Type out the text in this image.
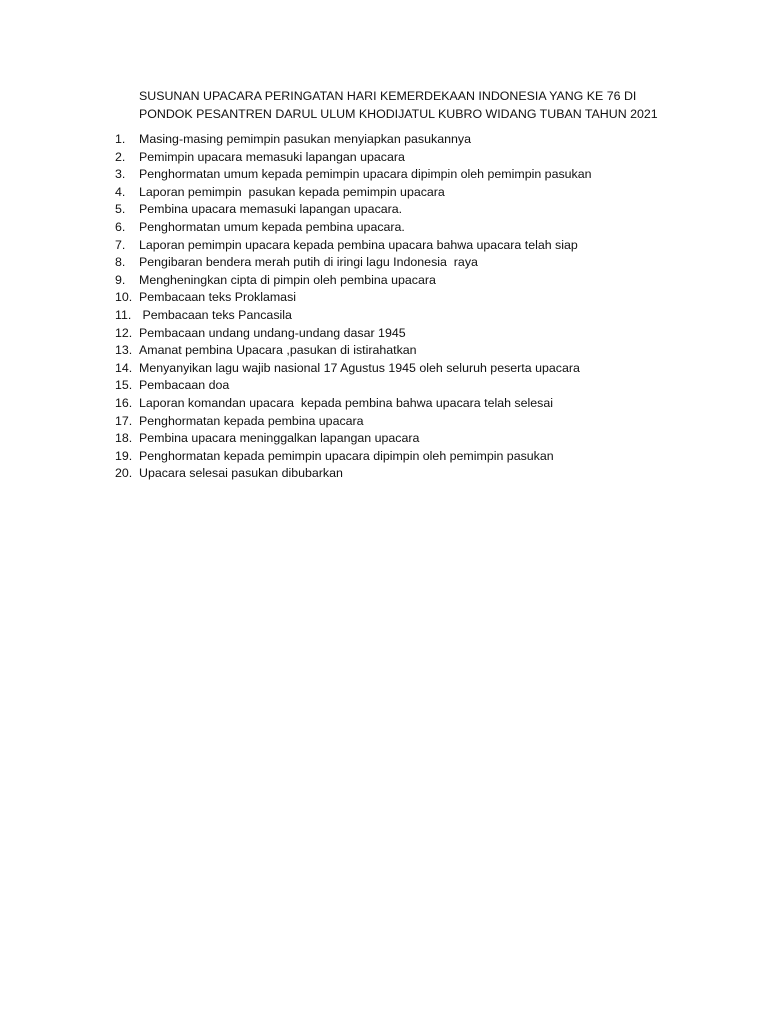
SUSUNAN UPACARA PERINGATAN HARI KEMERDEKAAN INDONESIA YANG KE 76 DI
PONDOK PESANTREN DARUL ULUM KHODIJATUL KUBRO WIDANG TUBAN TAHUN 2021
1.	Masing-masing pemimpin pasukan menyiapkan pasukannya
2.	Pemimpin upacara memasuki lapangan upacara
3.	Penghormatan umum kepada pemimpin upacara dipimpin oleh pemimpin pasukan
4.	Laporan pemimpin  pasukan kepada pemimpin upacara
5.	Pembina upacara memasuki lapangan upacara.
6.	Penghormatan umum kepada pembina upacara.
7.	Laporan pemimpin upacara kepada pembina upacara bahwa upacara telah siap
8.	Pengibaran bendera merah putih di iringi lagu Indonesia  raya
9.	Mengheningkan cipta di pimpin oleh pembina upacara
10. Pembacaan teks Proklamasi
11. Pembacaan teks Pancasila
12. Pembacaan undang undang-undang dasar 1945
13. Amanat pembina Upacara ,pasukan di istirahatkan
14. Menyanyikan lagu wajib nasional 17 Agustus 1945 oleh seluruh peserta upacara
15. Pembacaan doa
16. Laporan komandan upacara  kepada pembina bahwa upacara telah selesai
17. Penghormatan kepada pembina upacara
18. Pembina upacara meninggalkan lapangan upacara
19. Penghormatan kepada pemimpin upacara dipimpin oleh pemimpin pasukan
20. Upacara selesai pasukan dibubarkan
